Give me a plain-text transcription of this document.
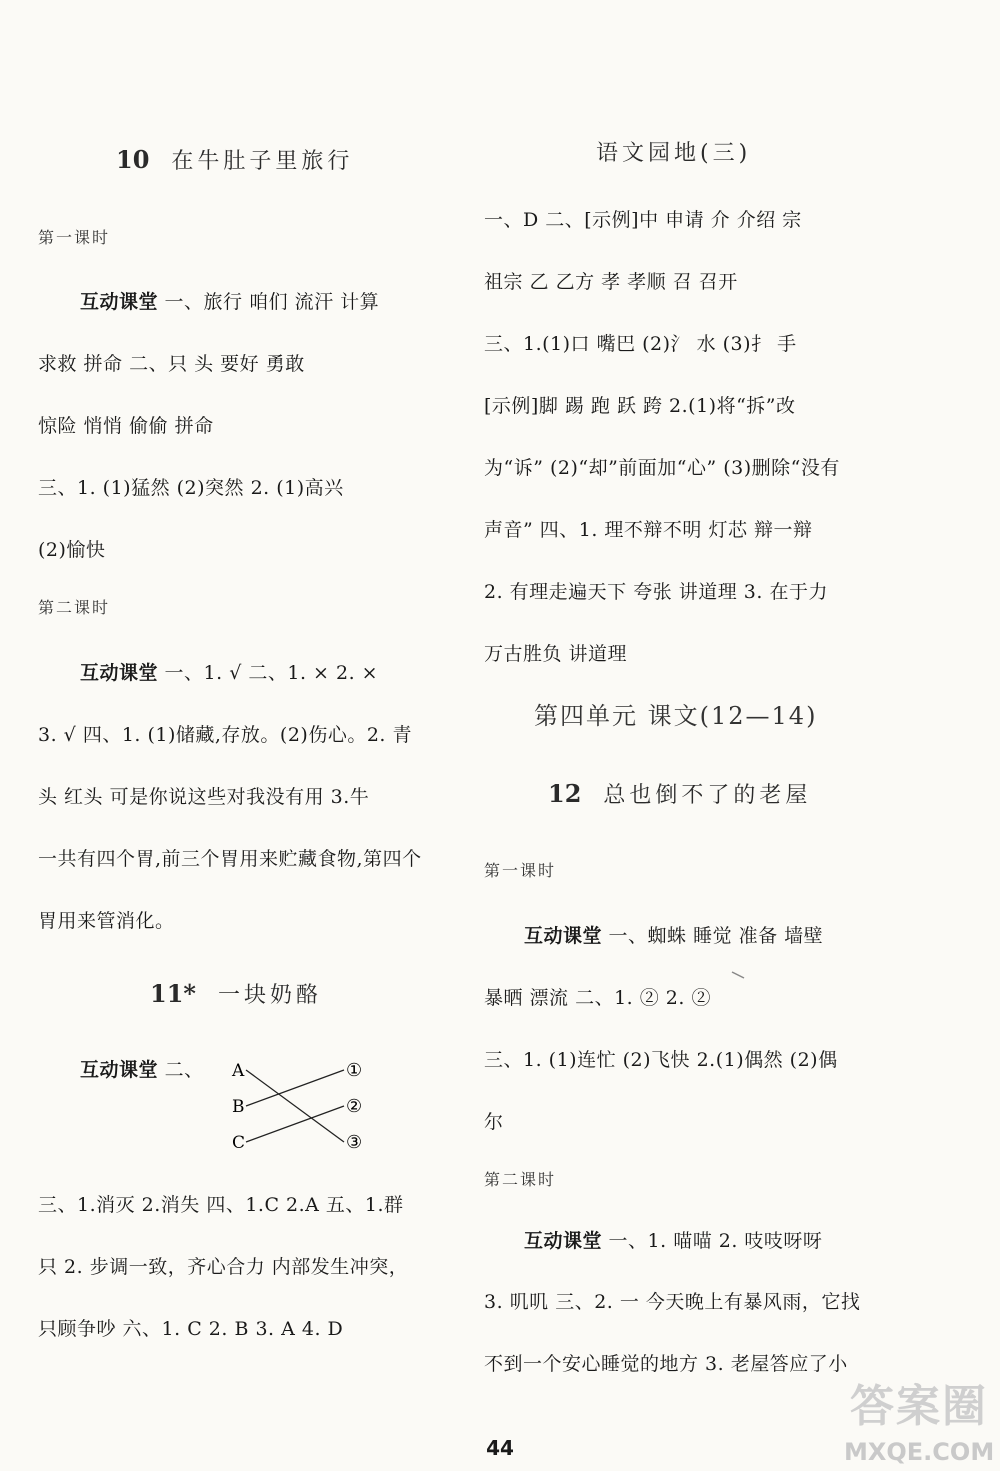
10 在牛肚子里旅行
第一课时
互动课堂 一、旅行 咱们 流汗 计算
求救 拼命 二、只 头 要好 勇敢
惊险 悄悄 偷偷 拼命
三、1. (1)猛然 (2)突然 2. (1)高兴
(2)愉快
第二课时
互动课堂 一、1. √ 二、1. × 2. ×
3. √ 四、1. (1)储藏,存放。(2)伤心。2. 青
头 红头 可是你说这些对我没有用 3.牛
一共有四个胃,前三个胃用来贮藏食物,第四个
胃用来管消化。
11* 一块奶酪
互动课堂 二、 A
B
C
①
②
③
三、1.消灭 2.消失 四、1.C 2.A 五、1.群
只 2. 步调一致，齐心合力 内部发生冲突，
只顾争吵 六、1. C 2. B 3. A 4. D
语文园地(三)
一、D 二、[示例]中 申请 介 介绍 宗
祖宗 乙 乙方 孝 孝顺 召 召开
三、1.(1)口 嘴巴 (2)氵 水 (3)扌 手
[示例]脚 踢 跑 跃 跨 2.(1)将“拆”改
为“诉” (2)“却”前面加“心” (3)删除“没有
声音” 四、1. 理不辩不明 灯芯 辩一辩
2. 有理走遍天下 夸张 讲道理 3. 在于力
万古胜负 讲道理
第四单元 课文(12—14)
12 总也倒不了的老屋
第一课时
互动课堂 一、蜘蛛 睡觉 准备 墙壁
暴晒 漂流 二、1. ② 2. ②
三、1. (1)连忙 (2)飞快 2.(1)偶然 (2)偶
尔
第二课时
互动课堂 一、1. 喵喵 2. 吱吱呀呀
3. 叽叽 三、2. 一 今天晚上有暴风雨，它找
不到一个安心睡觉的地方 3. 老屋答应了小
44
答案圈
MXQE.COM
